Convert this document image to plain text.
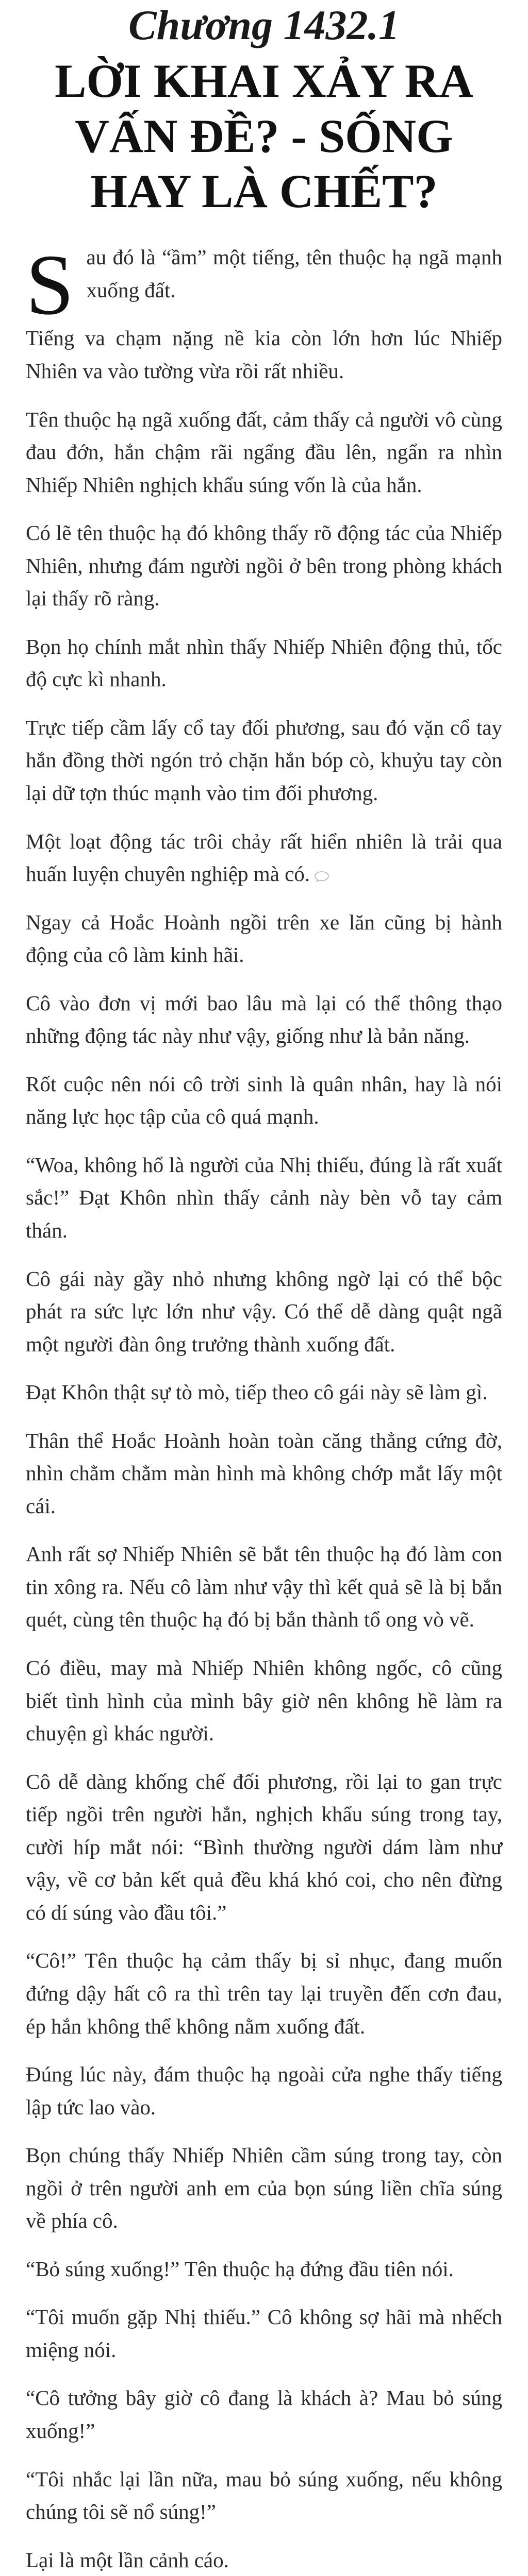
Chương 1432.1
LỜI KHAI XẢY RA VẤN ĐỀ? - SỐNG HAY LÀ CHẾT?

Sau đó là “ầm” một tiếng, tên thuộc hạ ngã mạnh xuống đất.

Tiếng va chạm nặng nề kia còn lớn hơn lúc Nhiếp Nhiên va vào tường vừa rồi rất nhiều.

Tên thuộc hạ ngã xuống đất, cảm thấy cả người vô cùng đau đớn, hắn chậm rãi ngẩng đầu lên, ngẩn ra nhìn Nhiếp Nhiên nghịch khẩu súng vốn là của hắn.

Có lẽ tên thuộc hạ đó không thấy rõ động tác của Nhiếp Nhiên, nhưng đám người ngồi ở bên trong phòng khách lại thấy rõ ràng.

Bọn họ chính mắt nhìn thấy Nhiếp Nhiên động thủ, tốc độ cực kì nhanh.

Trực tiếp cầm lấy cổ tay đối phương, sau đó vặn cổ tay hắn đồng thời ngón trỏ chặn hắn bóp cò, khuỷu tay còn lại dữ tợn thúc mạnh vào tim đối phương.

Một loạt động tác trôi chảy rất hiển nhiên là trải qua huấn luyện chuyên nghiệp mà có.

Ngay cả Hoắc Hoành ngồi trên xe lăn cũng bị hành động của cô làm kinh hãi.

Cô vào đơn vị mới bao lâu mà lại có thể thông thạo những động tác này như vậy, giống như là bản năng.

Rốt cuộc nên nói cô trời sinh là quân nhân, hay là nói năng lực học tập của cô quá mạnh.

“Woa, không hổ là người của Nhị thiếu, đúng là rất xuất sắc!” Đạt Khôn nhìn thấy cảnh này bèn vỗ tay cảm thán.

Cô gái này gầy nhỏ nhưng không ngờ lại có thể bộc phát ra sức lực lớn như vậy. Có thể dễ dàng quật ngã một người đàn ông trưởng thành xuống đất.

Đạt Khôn thật sự tò mò, tiếp theo cô gái này sẽ làm gì.

Thân thể Hoắc Hoành hoàn toàn căng thẳng cứng đờ, nhìn chằm chằm màn hình mà không chớp mắt lấy một cái.

Anh rất sợ Nhiếp Nhiên sẽ bắt tên thuộc hạ đó làm con tin xông ra. Nếu cô làm như vậy thì kết quả sẽ là bị bắn quét, cùng tên thuộc hạ đó bị bắn thành tổ ong vò vẽ.

Có điều, may mà Nhiếp Nhiên không ngốc, cô cũng biết tình hình của mình bây giờ nên không hề làm ra chuyện gì khác người.

Cô dễ dàng khống chế đối phương, rồi lại to gan trực tiếp ngồi trên người hắn, nghịch khẩu súng trong tay, cười híp mắt nói: “Bình thường người dám làm như vậy, về cơ bản kết quả đều khá khó coi, cho nên đừng có dí súng vào đầu tôi.”

“Cô!” Tên thuộc hạ cảm thấy bị sỉ nhục, đang muốn đứng dậy hất cô ra thì trên tay lại truyền đến cơn đau, ép hắn không thể không nằm xuống đất.

Đúng lúc này, đám thuộc hạ ngoài cửa nghe thấy tiếng lập tức lao vào.

Bọn chúng thấy Nhiếp Nhiên cầm súng trong tay, còn ngồi ở trên người anh em của bọn súng liền chĩa súng về phía cô.

“Bỏ súng xuống!” Tên thuộc hạ đứng đầu tiên nói.

“Tôi muốn gặp Nhị thiếu.” Cô không sợ hãi mà nhếch miệng nói.

“Cô tưởng bây giờ cô đang là khách à? Mau bỏ súng xuống!”

“Tôi nhắc lại lần nữa, mau bỏ súng xuống, nếu không chúng tôi sẽ nổ súng!”

Lại là một lần cảnh cáo.
